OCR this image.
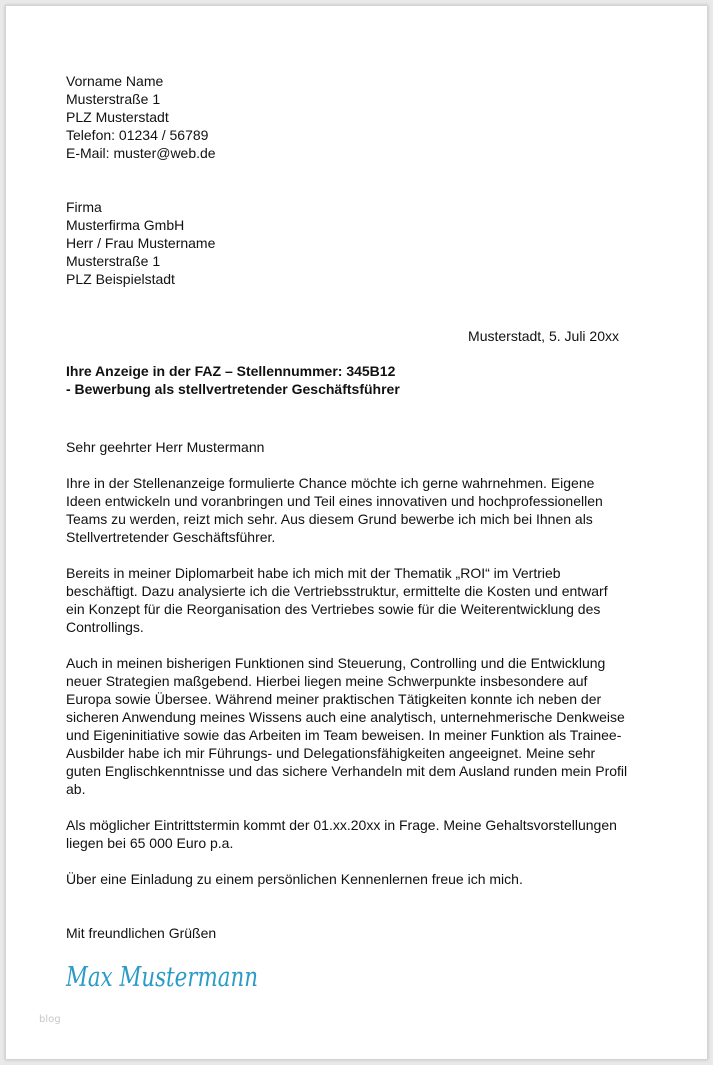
Vorname Name
Musterstraße 1
PLZ Musterstadt
Telefon: 01234 / 56789
E-Mail: muster@web.de
Firma
Musterfirma GmbH
Herr / Frau Mustername
Musterstraße 1
PLZ Beispielstadt
Musterstadt, 5. Juli 20xx
Ihre Anzeige in der FAZ – Stellennummer: 345B12
- Bewerbung als stellvertretender Geschäftsführer
Sehr geehrter Herr Mustermann
Ihre in der Stellenanzeige formulierte Chance möchte ich gerne wahrnehmen. Eigene
Ideen entwickeln und voranbringen und Teil eines innovativen und hochprofessionellen
Teams zu werden, reizt mich sehr. Aus diesem Grund bewerbe ich mich bei Ihnen als
Stellvertretender Geschäftsführer.
Bereits in meiner Diplomarbeit habe ich mich mit der Thematik „ROI“ im Vertrieb
beschäftigt. Dazu analysierte ich die Vertriebsstruktur, ermittelte die Kosten und entwarf
ein Konzept für die Reorganisation des Vertriebes sowie für die Weiterentwicklung des
Controllings.
Auch in meinen bisherigen Funktionen sind Steuerung, Controlling und die Entwicklung
neuer Strategien maßgebend. Hierbei liegen meine Schwerpunkte insbesondere auf
Europa sowie Übersee. Während meiner praktischen Tätigkeiten konnte ich neben der
sicheren Anwendung meines Wissens auch eine analytisch, unternehmerische Denkweise
und Eigeninitiative sowie das Arbeiten im Team beweisen. In meiner Funktion als Trainee-
Ausbilder habe ich mir Führungs- und Delegationsfähigkeiten angeeignet. Meine sehr
guten Englischkenntnisse und das sichere Verhandeln mit dem Ausland runden mein Profil
ab.
Als möglicher Eintrittstermin kommt der 01.xx.20xx in Frage. Meine Gehaltsvorstellungen
liegen bei 65 000 Euro p.a.
Über eine Einladung zu einem persönlichen Kennenlernen freue ich mich.
Mit freundlichen Grüßen
Max Mustermann
blog
